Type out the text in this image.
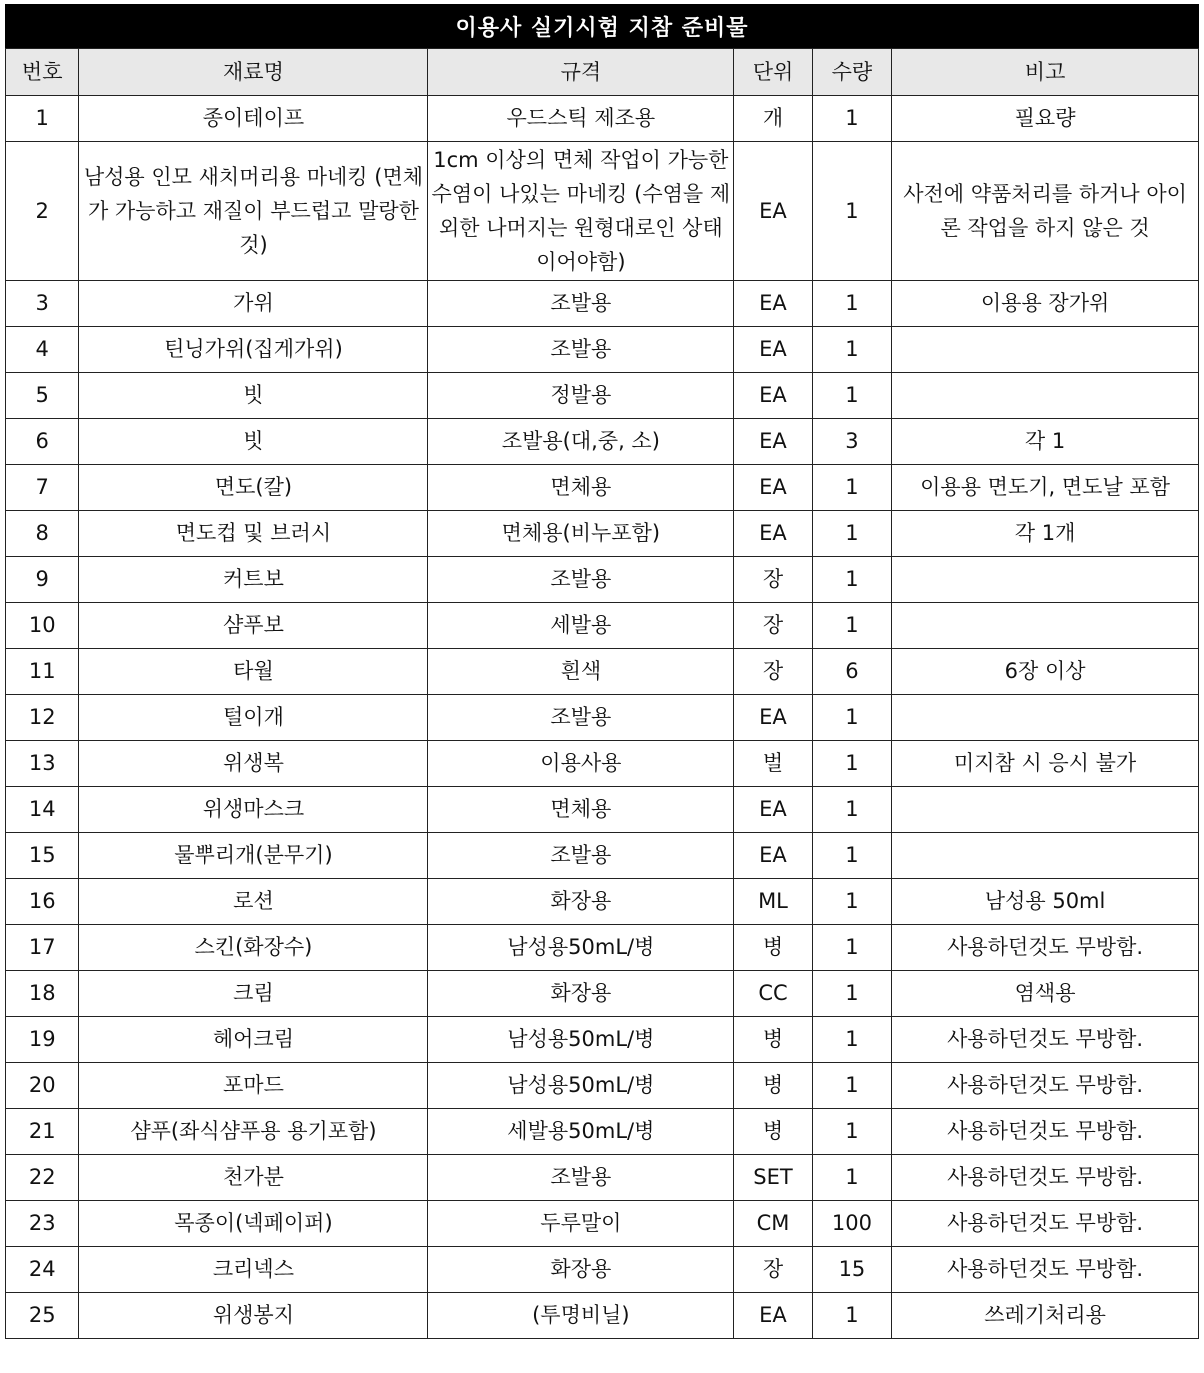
이용사 실기시험 지참 준비물
번호	재료명	규격	단위	수량	비고
1	종이테이프	우드스틱 제조용	개	1	필요량
2	남성용 인모 새치머리용 마네킹 (면체가 가능하고 재질이 부드럽고 말랑한 것)	1cm 이상의 면체 작업이 가능한 수염이 나있는 마네킹 (수염을 제외한 나머지는 원형대로인 상태이어야함)	EA	1	사전에 약품처리를 하거나 아이론 작업을 하지 않은 것
3	가위	조발용	EA	1	이용용 장가위
4	틴닝가위(집게가위)	조발용	EA	1	
5	빗	정발용	EA	1	
6	빗	조발용(대,중, 소)	EA	3	각 1
7	면도(칼)	면체용	EA	1	이용용 면도기, 면도날 포함
8	면도컵 및 브러시	면체용(비누포함)	EA	1	각 1개
9	커트보	조발용	장	1	
10	샴푸보	세발용	장	1	
11	타월	흰색	장	6	6장 이상
12	털이개	조발용	EA	1	
13	위생복	이용사용	벌	1	미지참 시 응시 불가
14	위생마스크	면체용	EA	1	
15	물뿌리개(분무기)	조발용	EA	1	
16	로션	화장용	ML	1	남성용 50ml
17	스킨(화장수)	남성용50mL/병	병	1	사용하던것도 무방함.
18	크림	화장용	CC	1	염색용
19	헤어크림	남성용50mL/병	병	1	사용하던것도 무방함.
20	포마드	남성용50mL/병	병	1	사용하던것도 무방함.
21	샴푸(좌식샴푸용 용기포함)	세발용50mL/병	병	1	사용하던것도 무방함.
22	천가분	조발용	SET	1	사용하던것도 무방함.
23	목종이(넥페이퍼)	두루말이	CM	100	사용하던것도 무방함.
24	크리넥스	화장용	장	15	사용하던것도 무방함.
25	위생봉지	(투명비닐)	EA	1	쓰레기처리용
